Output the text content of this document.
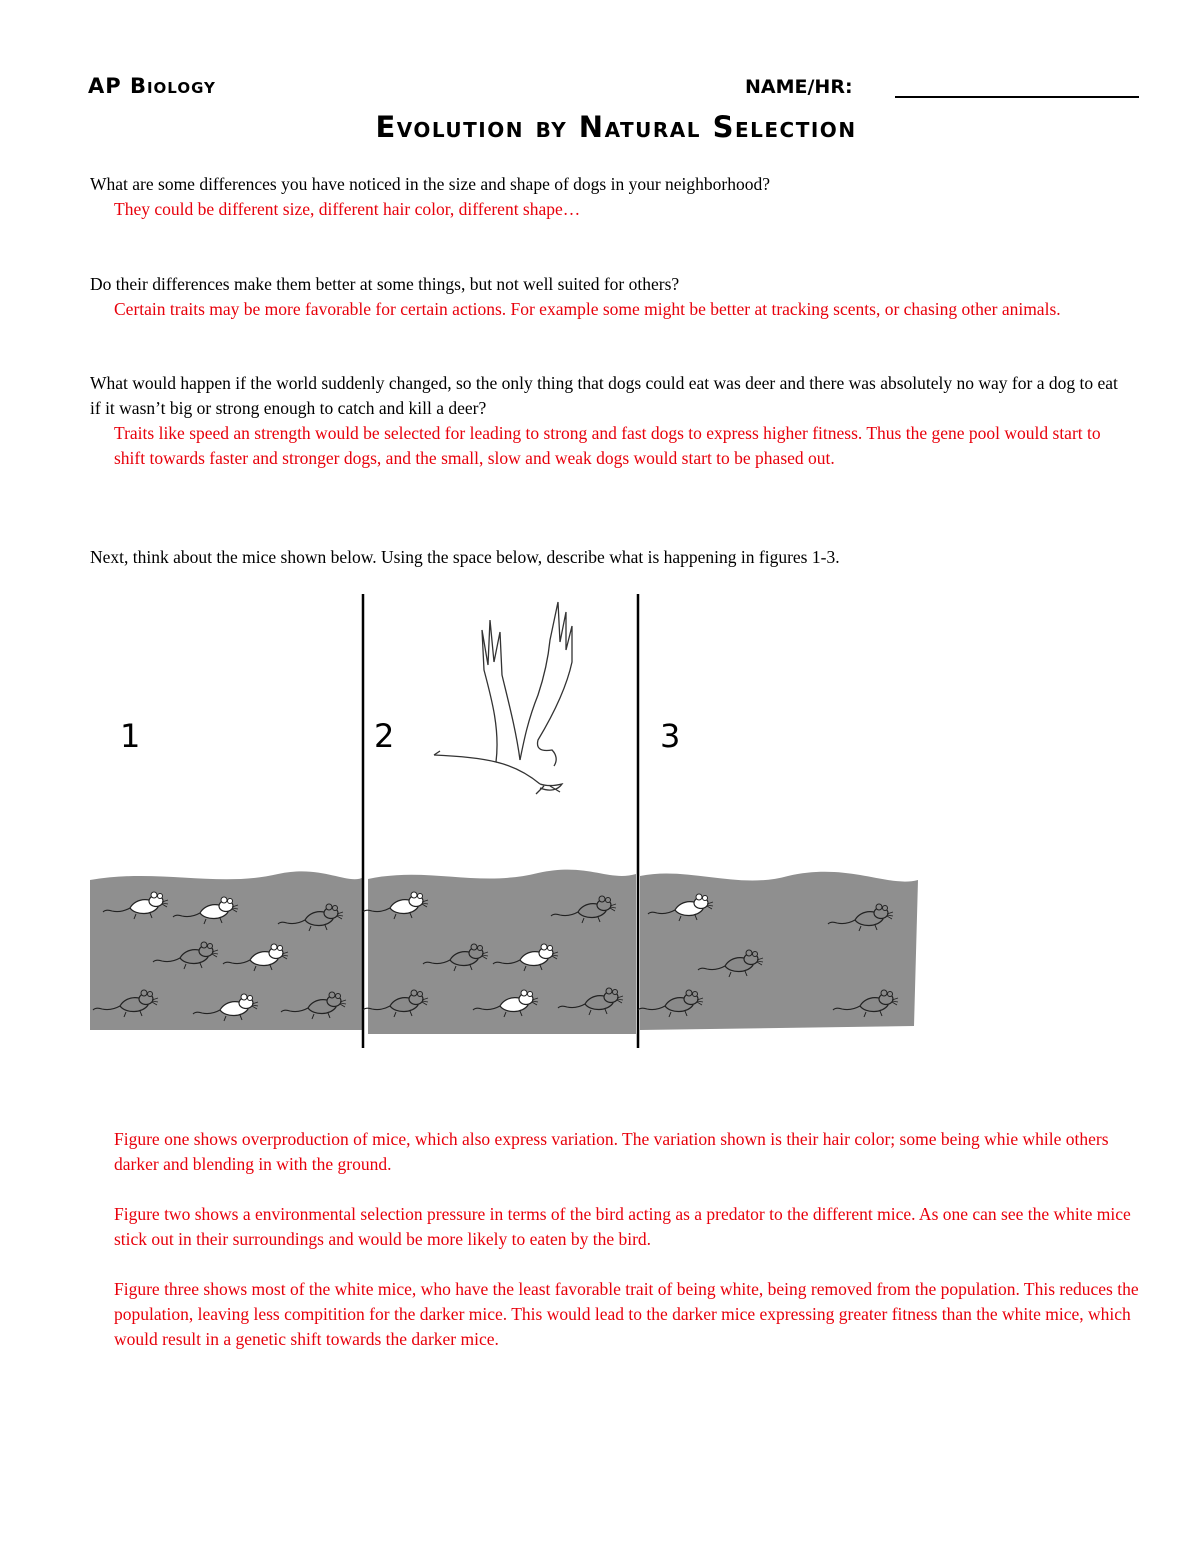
AP Biology	NAME/HR:
Evolution by Natural Selection
What are some differences you have noticed in the size and shape of dogs in your neighborhood?
They could be different size, different hair color, different shape…
Do their differences make them better at some things, but not well suited for others?
Certain traits may be more favorable for certain actions. For example some might be better at tracking scents, or chasing other animals.
What would happen if the world suddenly changed, so the only thing that dogs could eat was deer and there was absolutely no way for a dog to eat if it wasn’t big or strong enough to catch and kill a deer?
Traits like speed an strength would be selected for leading to strong and fast dogs to express higher fitness. Thus the gene pool would start to shift towards faster and stronger dogs, and the small, slow and weak dogs would start to be phased out.
Next, think about the mice shown below. Using the space below, describe what is happening in figures 1-3.
1	2	3
Figure one shows overproduction of mice, which also express variation. The variation shown is their hair color; some being whie while others darker and blending in with the ground.
Figure two shows a environmental selection pressure in terms of the bird acting as a predator to the different mice. As one can see the white mice stick out in their surroundings and would be more likely to eaten by the bird.
Figure three shows most of the white mice, who have the least favorable trait of being white, being removed from the population. This reduces the population, leaving less compitition for the darker mice. This would lead to the darker mice expressing greater fitness than the white mice, which would result in a genetic shift towards the darker mice.
